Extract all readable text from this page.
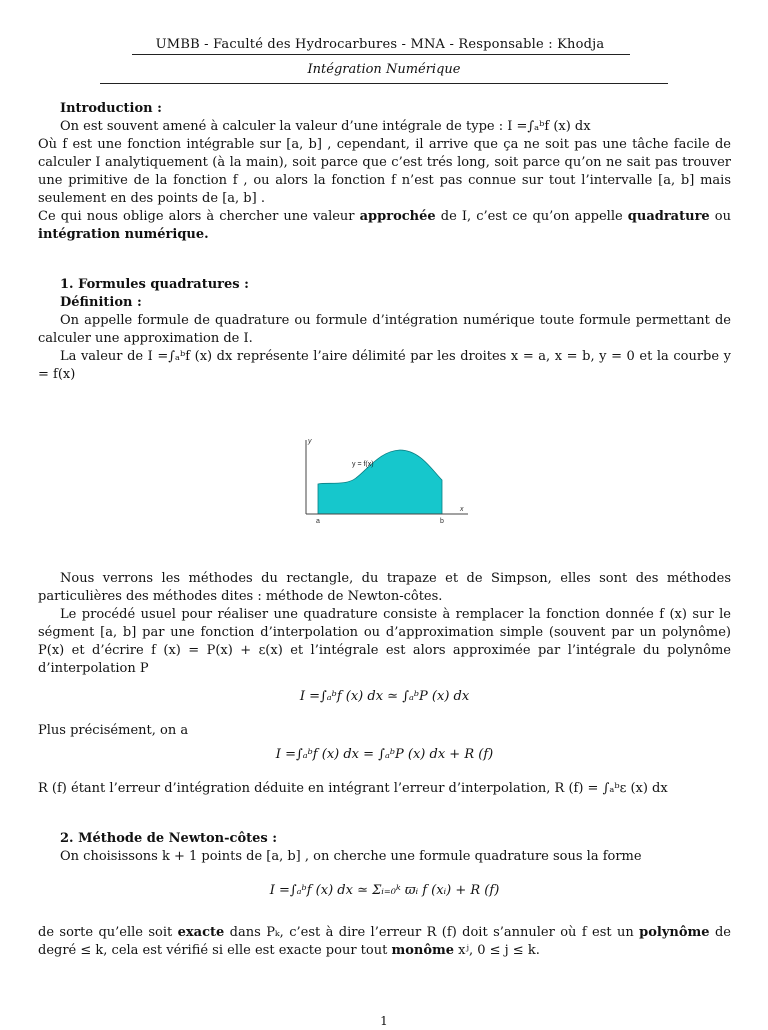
UMBB - Faculté des Hydrocarbures - MNA - Responsable : Khodja
Intégration Numérique

Introduction :

On est souvent amené à calculer la valeur d’une intégrale de type : I =∫ₐᵇf (x) dx

Où f est une fonction intégrable sur [a, b] , cependant, il arrive que ça ne soit pas une tâche facile de calculer I analytiquement (à la main), soit parce que c’est trés long, soit parce qu’on ne sait pas trouver une primitive de la fonction f , ou alors la fonction f n’est pas connue sur tout l’intervalle [a, b] mais seulement en des points de [a, b] .

Ce qui nous oblige alors à chercher une valeur approchée de I, c’est ce qu’on appelle quadrature ou intégration numérique.

1. Formules quadratures :

Définition :

On appelle formule de quadrature ou formule d’intégration numérique toute formule permettant de calculer une approximation de I.

La valeur de I =∫ₐᵇf (x) dx représente l’aire délimité par les droites x = a, x = b, y = 0 et la courbe y = f(x)

Nous verrons les méthodes du rectangle, du trapaze et de Simpson, elles sont des méthodes particulières des méthodes dites : méthode de Newton-côtes.

Le procédé usuel pour réaliser une quadrature consiste à remplacer la fonction donnée f (x) sur le ségment [a, b] par une fonction d’interpolation ou d’approximation simple (souvent par un polynôme) P(x) et d’écrire f (x) = P(x) + ε(x) et l’intégrale est alors approximée par l’intégrale du polynôme d’interpolation P

I =∫ₐᵇf (x) dx ≃ ∫ₐᵇP (x) dx

Plus précisément, on a

I =∫ₐᵇf (x) dx = ∫ₐᵇP (x) dx + R (f)

R (f) étant l’erreur d’intégration déduite en intégrant l’erreur d’interpolation, R (f) = ∫ₐᵇε (x) dx

2. Méthode de Newton-côtes :

On choisissons k + 1 points de [a, b] , on cherche une formule quadrature sous la forme

I =∫ₐᵇf (x) dx ≃ Σᵢ₌₀ᵏ ϖᵢ f (xᵢ) + R (f)

de sorte qu’elle soit exacte dans Pₖ, c’est à dire l’erreur R (f) doit s’annuler où f est un polynôme de degré ≤ k, cela est vérifié si elle est exacte pour tout monôme xʲ, 0 ≤ j ≤ k.

y
x
y = f(x)
a	b
1
